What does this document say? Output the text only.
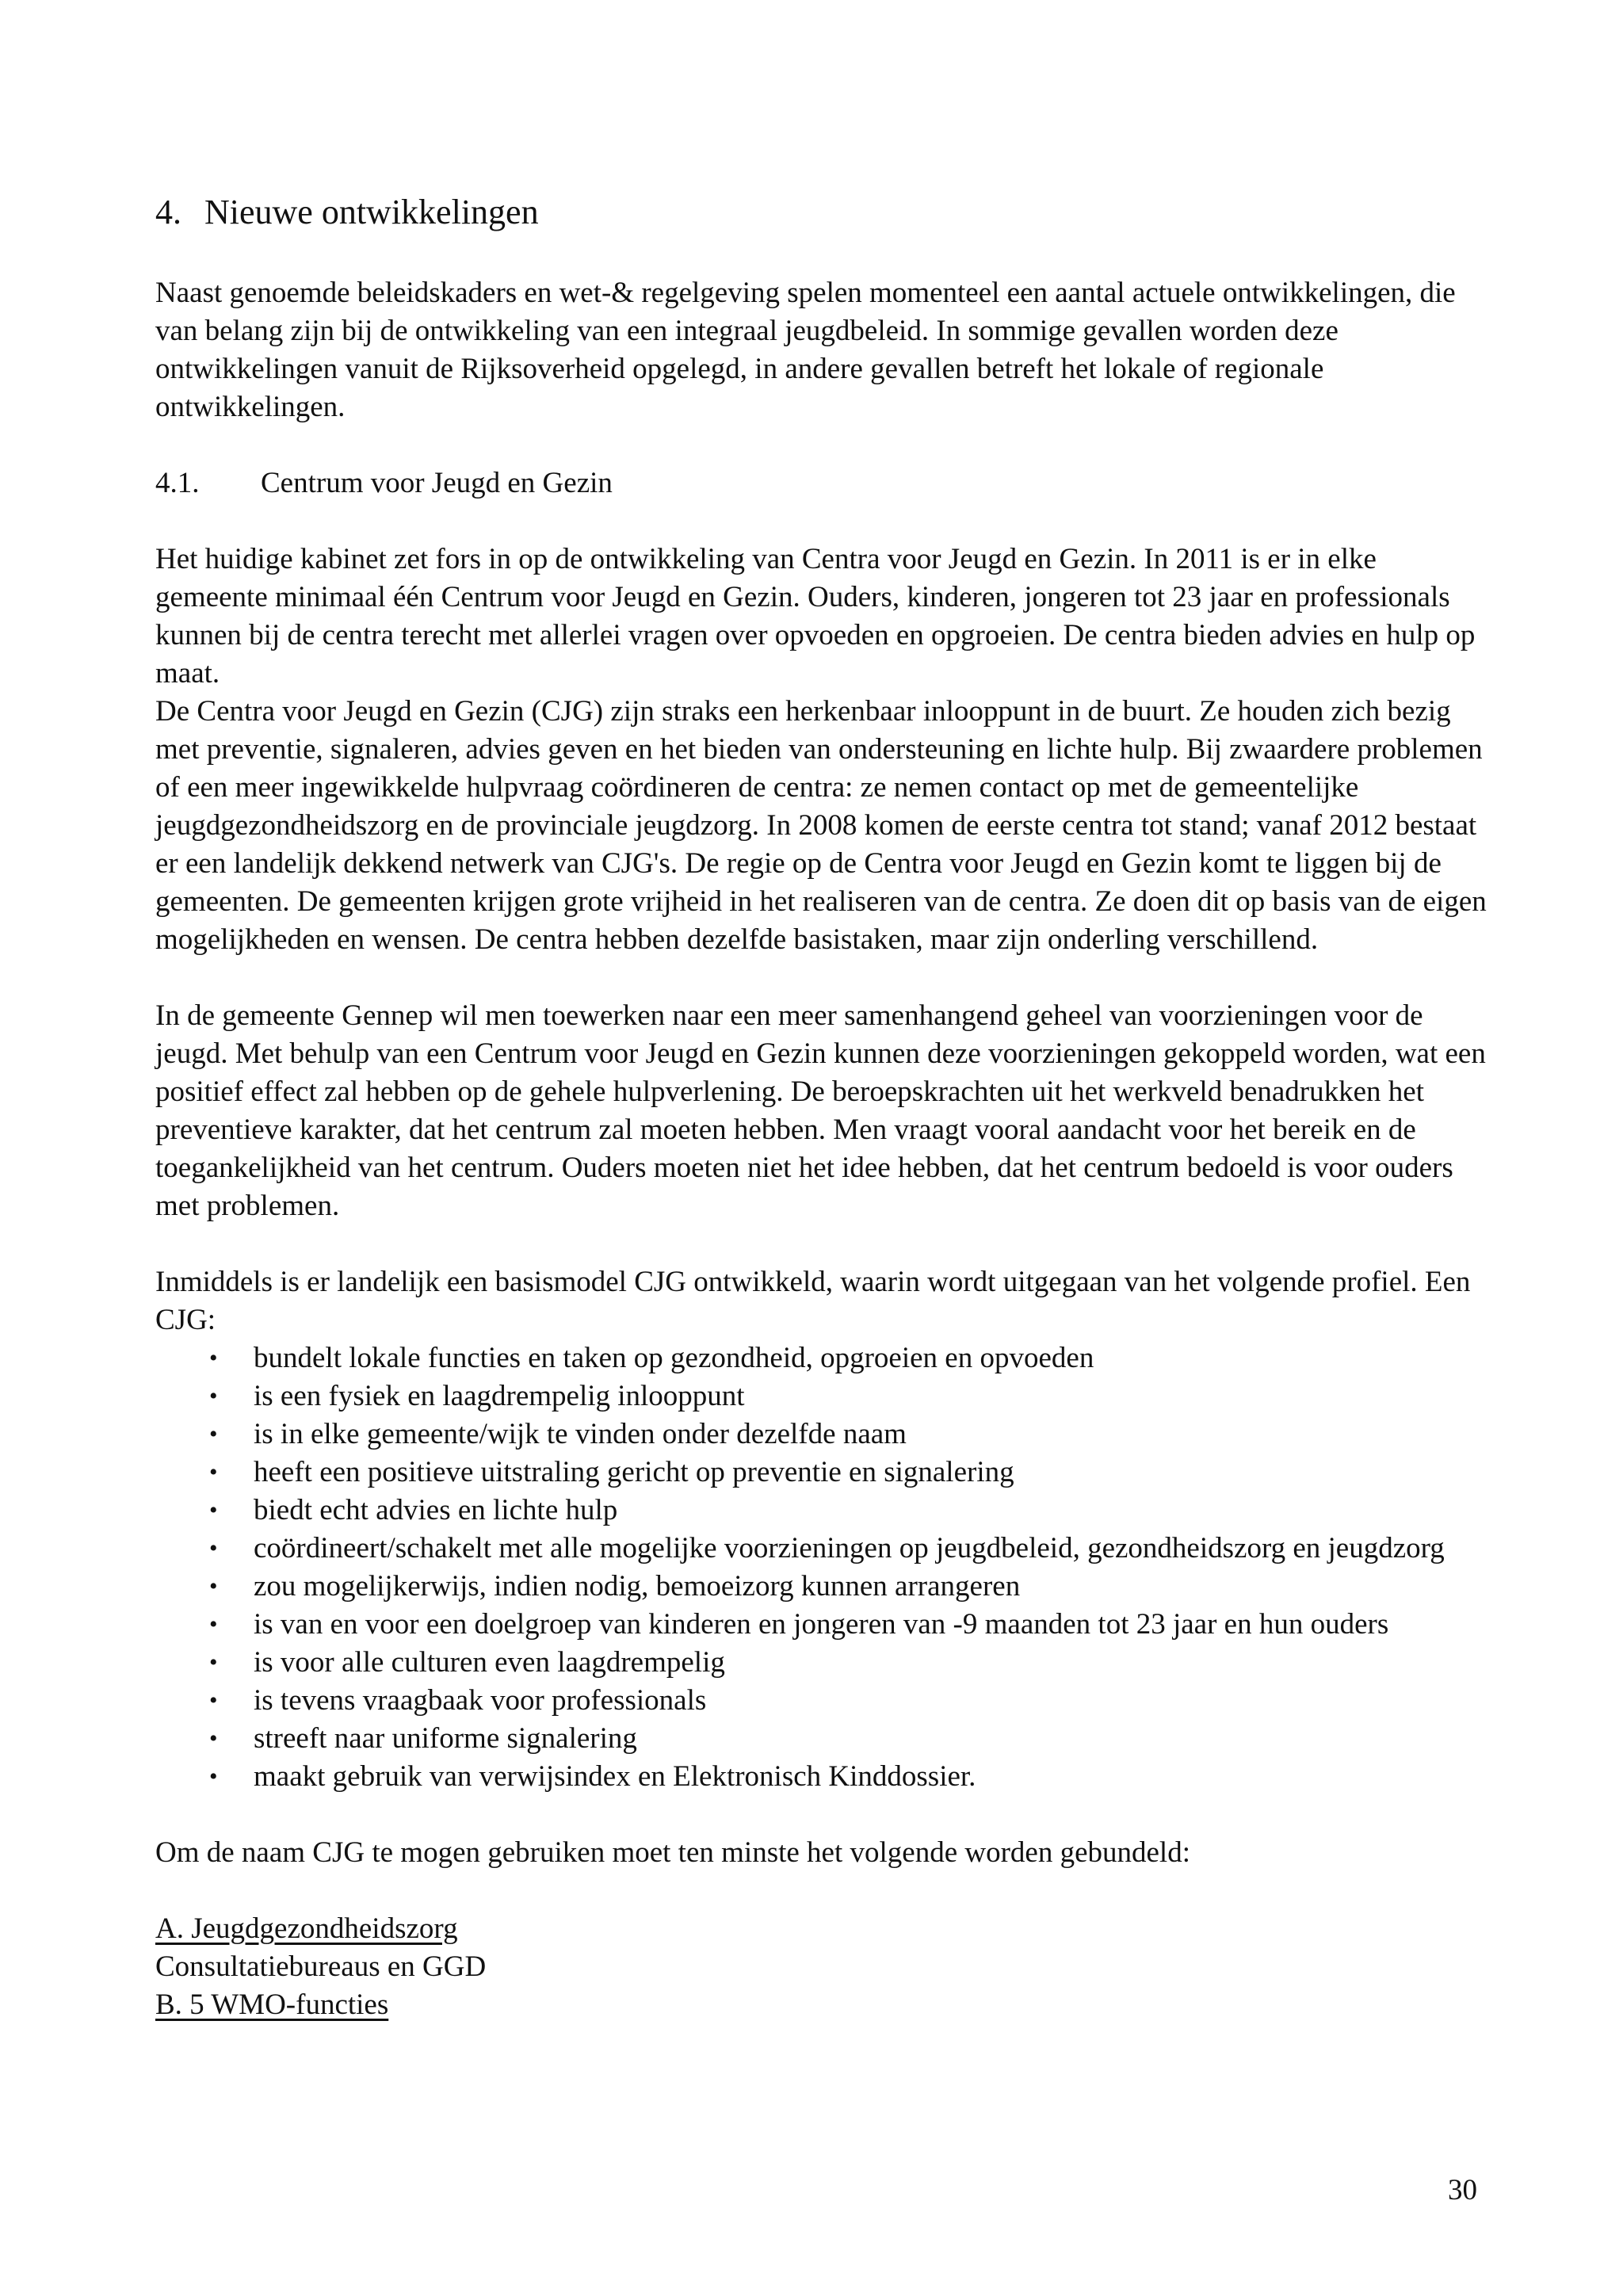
4. Nieuwe ontwikkelingen

Naast genoemde beleidskaders en wet-& regelgeving spelen momenteel een aantal actuele ontwikkelingen, die van belang zijn bij de ontwikkeling van een integraal jeugdbeleid. In sommige gevallen worden deze ontwikkelingen vanuit de Rijksoverheid opgelegd, in andere gevallen betreft het lokale of regionale ontwikkelingen.

4.1. Centrum voor Jeugd en Gezin

Het huidige kabinet zet fors in op de ontwikkeling van Centra voor Jeugd en Gezin. In 2011 is er in elke gemeente minimaal één Centrum voor Jeugd en Gezin. Ouders, kinderen, jongeren tot 23 jaar en professionals kunnen bij de centra terecht met allerlei vragen over opvoeden en opgroeien. De centra bieden advies en hulp op maat.

De Centra voor Jeugd en Gezin (CJG) zijn straks een herkenbaar inlooppunt in de buurt. Ze houden zich bezig met preventie, signaleren, advies geven en het bieden van ondersteuning en lichte hulp. Bij zwaardere problemen of een meer ingewikkelde hulpvraag coördineren de centra: ze nemen contact op met de gemeentelijke jeugdgezondheidszorg en de provinciale jeugdzorg. In 2008 komen de eerste centra tot stand; vanaf 2012 bestaat er een landelijk dekkend netwerk van CJG's. De regie op de Centra voor Jeugd en Gezin komt te liggen bij de gemeenten. De gemeenten krijgen grote vrijheid in het realiseren van de centra. Ze doen dit op basis van de eigen mogelijkheden en wensen. De centra hebben dezelfde basistaken, maar zijn onderling verschillend.

In de gemeente Gennep wil men toewerken naar een meer samenhangend geheel van voorzieningen voor de jeugd. Met behulp van een Centrum voor Jeugd en Gezin kunnen deze voorzieningen gekoppeld worden, wat een positief effect zal hebben op de gehele hulpverlening. De beroepskrachten uit het werkveld benadrukken het preventieve karakter, dat het centrum zal moeten hebben. Men vraagt vooral aandacht voor het bereik en de toegankelijkheid van het centrum. Ouders moeten niet het idee hebben, dat het centrum bedoeld is voor ouders met problemen.

Inmiddels is er landelijk een basismodel CJG ontwikkeld, waarin wordt uitgegaan van het volgende profiel. Een CJG:

• bundelt lokale functies en taken op gezondheid, opgroeien en opvoeden
• is een fysiek en laagdrempelig inlooppunt
• is in elke gemeente/wijk te vinden onder dezelfde naam
• heeft een positieve uitstraling gericht op preventie en signalering
• biedt echt advies en lichte hulp
• coördineert/schakelt met alle mogelijke voorzieningen op jeugdbeleid, gezondheidszorg en jeugdzorg
• zou mogelijkerwijs, indien nodig, bemoeizorg kunnen arrangeren
• is van en voor een doelgroep van kinderen en jongeren van -9 maanden tot 23 jaar en hun ouders
• is voor alle culturen even laagdrempelig
• is tevens vraagbaak voor professionals
• streeft naar uniforme signalering
• maakt gebruik van verwijsindex en Elektronisch Kinddossier.

Om de naam CJG te mogen gebruiken moet ten minste het volgende worden gebundeld:

A. Jeugdgezondheidszorg

Consultatiebureaus en GGD

B. 5 WMO-functies

30
